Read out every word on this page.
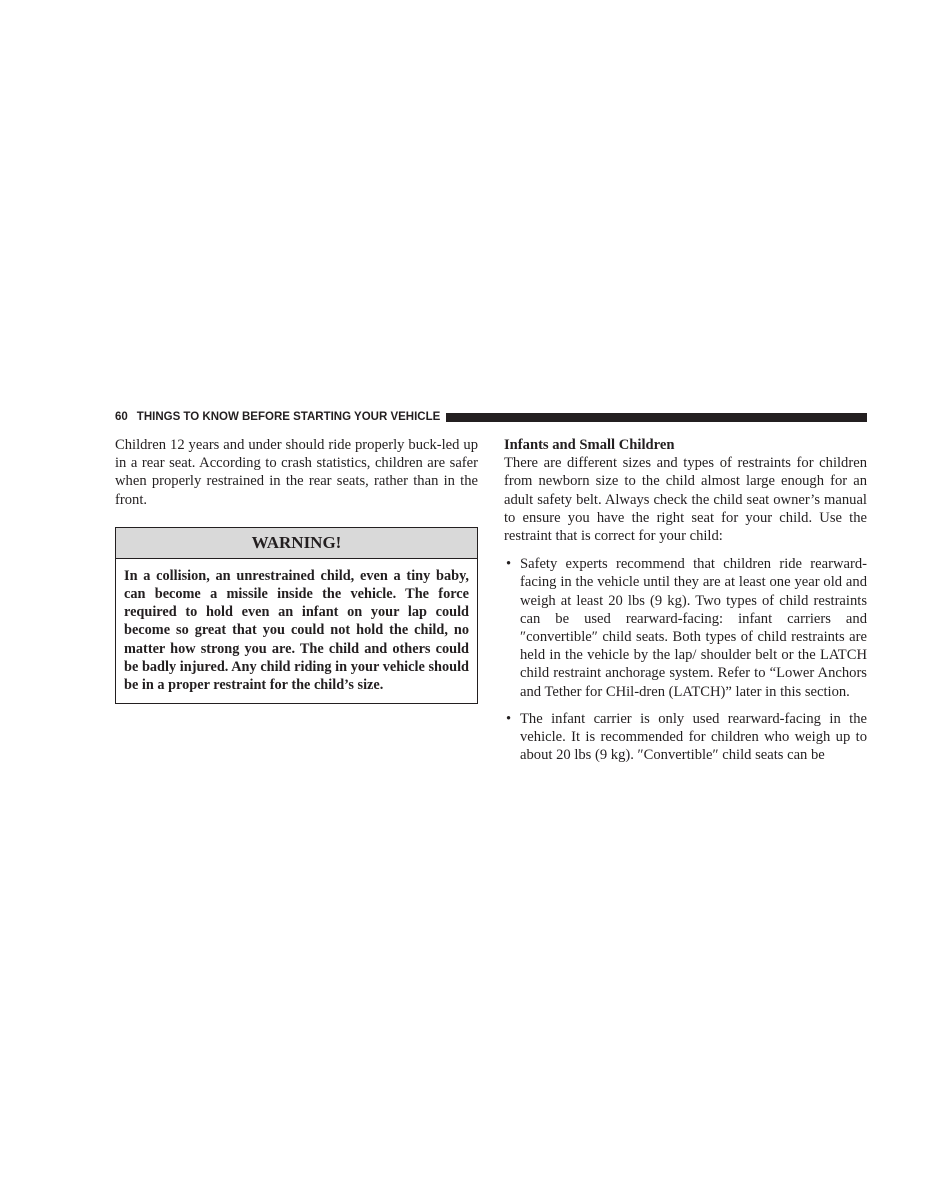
60 THINGS TO KNOW BEFORE STARTING YOUR VEHICLE

Children 12 years and under should ride properly buck-led up in a rear seat. According to crash statistics, children are safer when properly restrained in the rear seats, rather than in the front.

WARNING!
In a collision, an unrestrained child, even a tiny baby, can become a missile inside the vehicle. The force required to hold even an infant on your lap could become so great that you could not hold the child, no matter how strong you are. The child and others could be badly injured. Any child riding in your vehicle should be in a proper restraint for the child’s size.

Infants and Small Children

There are different sizes and types of restraints for children from newborn size to the child almost large enough for an adult safety belt. Always check the child seat owner’s manual to ensure you have the right seat for your child. Use the restraint that is correct for your child:

• Safety experts recommend that children ride rearward-facing in the vehicle until they are at least one year old and weigh at least 20 lbs (9 kg). Two types of child restraints can be used rearward-facing: infant carriers and ″convertible″ child seats. Both types of child restraints are held in the vehicle by the lap/ shoulder belt or the LATCH child restraint anchorage system. Refer to “Lower Anchors and Tether for CHil-dren (LATCH)” later in this section.
• The infant carrier is only used rearward-facing in the vehicle. It is recommended for children who weigh up to about 20 lbs (9 kg). ″Convertible″ child seats can be
